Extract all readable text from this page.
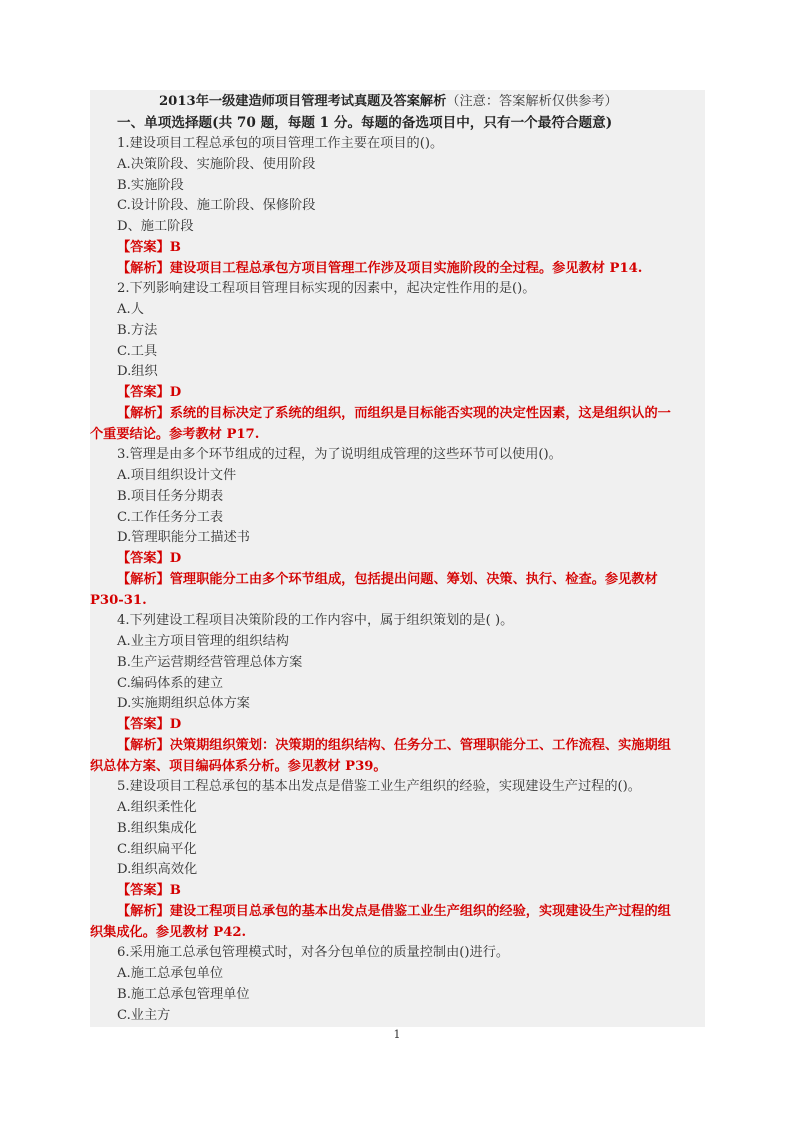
2013年一级建造师项目管理考试真题及答案解析（注意：答案解析仅供参考）
一、单项选择题(共 70 题，每题 1 分。每题的备选项目中，只有一个最符合题意)
1.建设项目工程总承包的项目管理工作主要在项目的()。
A.决策阶段、实施阶段、使用阶段
B.实施阶段
C.设计阶段、施工阶段、保修阶段
D、施工阶段
【答案】B
【解析】建设项目工程总承包方项目管理工作涉及项目实施阶段的全过程。参见教材 P14.
2.下列影响建设工程项目管理目标实现的因素中，起决定性作用的是()。
A.人
B.方法
C.工具
D.组织
【答案】D
【解析】系统的目标决定了系统的组织，而组织是目标能否实现的决定性因素，这是组织认的一
个重要结论。参考教材 P17.
3.管理是由多个环节组成的过程，为了说明组成管理的这些环节可以使用()。
A.项目组织设计文件
B.项目任务分期表
C.工作任务分工表
D.管理职能分工描述书
【答案】D
【解析】管理职能分工由多个环节组成，包括提出问题、筹划、决策、执行、检查。参见教材
P30-31.
4.下列建设工程项目决策阶段的工作内容中，属于组织策划的是( )。
A.业主方项目管理的组织结构
B.生产运营期经营管理总体方案
C.编码体系的建立
D.实施期组织总体方案
【答案】D
【解析】决策期组织策划：决策期的组织结构、任务分工、管理职能分工、工作流程、实施期组
织总体方案、项目编码体系分析。参见教材 P39。
5.建设项目工程总承包的基本出发点是借鉴工业生产组织的经验，实现建设生产过程的()。
A.组织柔性化
B.组织集成化
C.组织扁平化
D.组织高效化
【答案】B
【解析】建设工程项目总承包的基本出发点是借鉴工业生产组织的经验，实现建设生产过程的组
织集成化。参见教材 P42.
6.采用施工总承包管理模式时，对各分包单位的质量控制由()进行。
A.施工总承包单位
B.施工总承包管理单位
C.业主方
1
